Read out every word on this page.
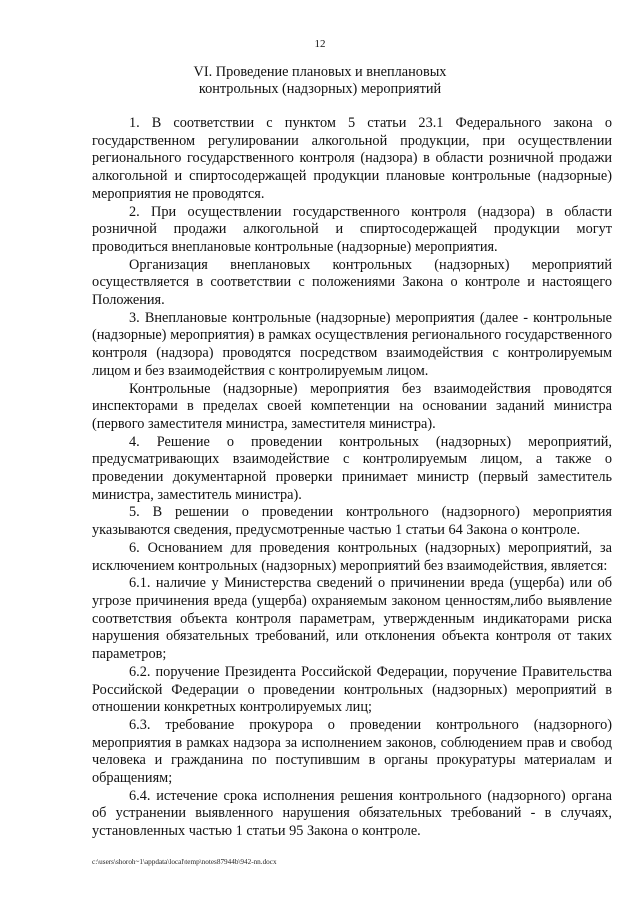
12
VI. Проведение плановых и внеплановых
контрольных (надзорных) мероприятий

1. В соответствии с пунктом 5 статьи 23.1 Федерального закона о государственном регулировании алкогольной продукции, при осуществлении регионального государственного контроля (надзора) в области розничной продажи алкогольной и спиртосодержащей продукции плановые контрольные (надзорные) мероприятия не проводятся.

2. При осуществлении государственного контроля (надзора) в области розничной продажи алкогольной и спиртосодержащей продукции могут проводиться внеплановые контрольные (надзорные) мероприятия.

Организация внеплановых контрольных (надзорных) мероприятий осуществляется в соответствии с положениями Закона о контроле и настоящего Положения.

3. Внеплановые контрольные (надзорные) мероприятия (далее - контрольные (надзорные) мероприятия) в рамках осуществления регионального государственного контроля (надзора) проводятся посредством взаимодействия с контролируемым лицом и без взаимодействия с контролируемым лицом.

Контрольные (надзорные) мероприятия без взаимодействия проводятся инспекторами в пределах своей компетенции на основании заданий министра (первого заместителя министра, заместителя министра).

4. Решение о проведении контрольных (надзорных) мероприятий, предусматривающих взаимодействие с контролируемым лицом, а также о проведении документарной проверки принимает министр (первый заместитель министра, заместитель министра).

5. В решении о проведении контрольного (надзорного) мероприятия указываются сведения, предусмотренные частью 1 статьи 64 Закона о контроле.

6. Основанием для проведения контрольных (надзорных) мероприятий, за исключением контрольных (надзорных) мероприятий без взаимодействия, является:

6.1. наличие у Министерства сведений о причинении вреда (ущерба) или об угрозе причинения вреда (ущерба) охраняемым законом ценностям,либо выявление соответствия объекта контроля параметрам, утвержденным индикаторами риска нарушения обязательных требований, или отклонения объекта контроля от таких параметров;

6.2. поручение Президента Российской Федерации, поручение Правительства Российской Федерации о проведении контрольных (надзорных) мероприятий в отношении конкретных контролируемых лиц;

6.3. требование прокурора о проведении контрольного (надзорного) мероприятия в рамках надзора за исполнением законов, соблюдением прав и свобод человека и гражданина по поступившим в органы прокуратуры материалам и обращениям;

6.4. истечение срока исполнения решения контрольного (надзорного) органа об устранении выявленного нарушения обязательных требований - в случаях, установленных частью 1 статьи 95 Закона о контроле.

c:\users\shoroh~1\appdata\local\temp\notes87944b\942-nn.docx
